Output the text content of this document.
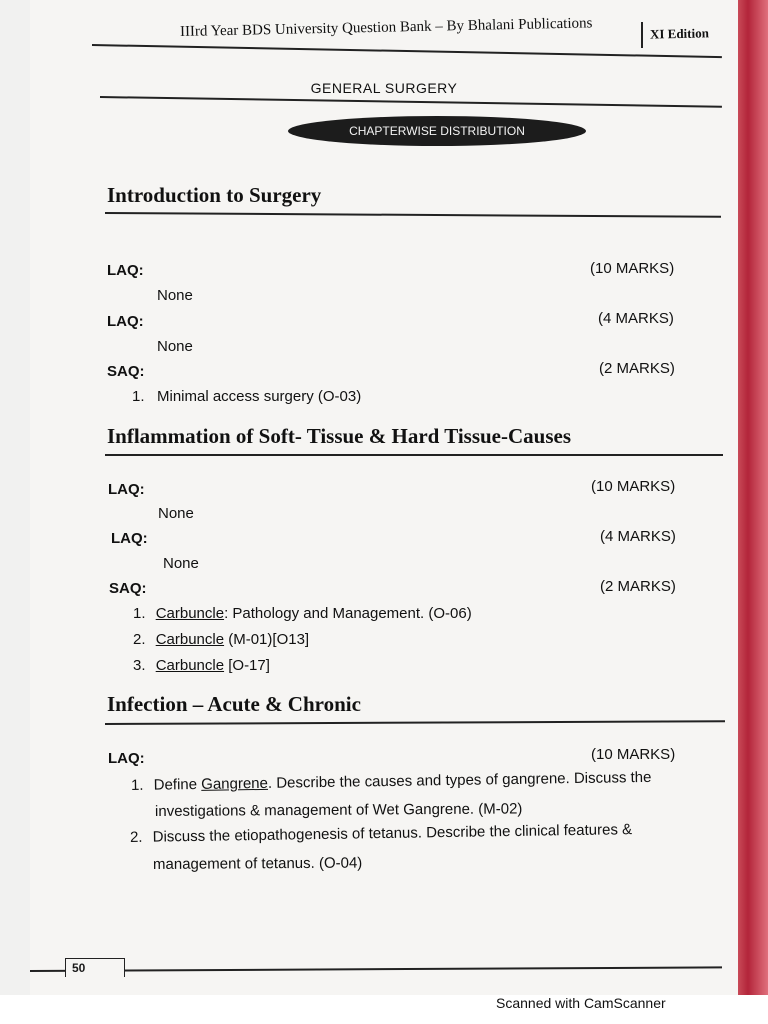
IIIrd Year BDS University Question Bank – By Bhalani Publications	XI Edition
GENERAL SURGERY
CHAPTERWISE DISTRIBUTION
Introduction to Surgery
LAQ:	(10 MARKS)
None
LAQ:	(4 MARKS)
None
SAQ:	(2 MARKS)
1. Minimal access surgery (O-03)
Inflammation of Soft- Tissue & Hard Tissue-Causes
LAQ:	(10 MARKS)
None
LAQ:	(4 MARKS)
None
SAQ:	(2 MARKS)
1. Carbuncle: Pathology and Management. (O-06)
2. Carbuncle (M-01)[O13]
3. Carbuncle [O-17]
Infection – Acute & Chronic
LAQ:	(10 MARKS)
1. Define Gangrene. Describe the causes and types of gangrene. Discuss the
investigations & management of Wet Gangrene. (M-02)
2. Discuss the etiopathogenesis of tetanus. Describe the clinical features &
management of tetanus. (O-04)
50
Scanned with CamScanner
